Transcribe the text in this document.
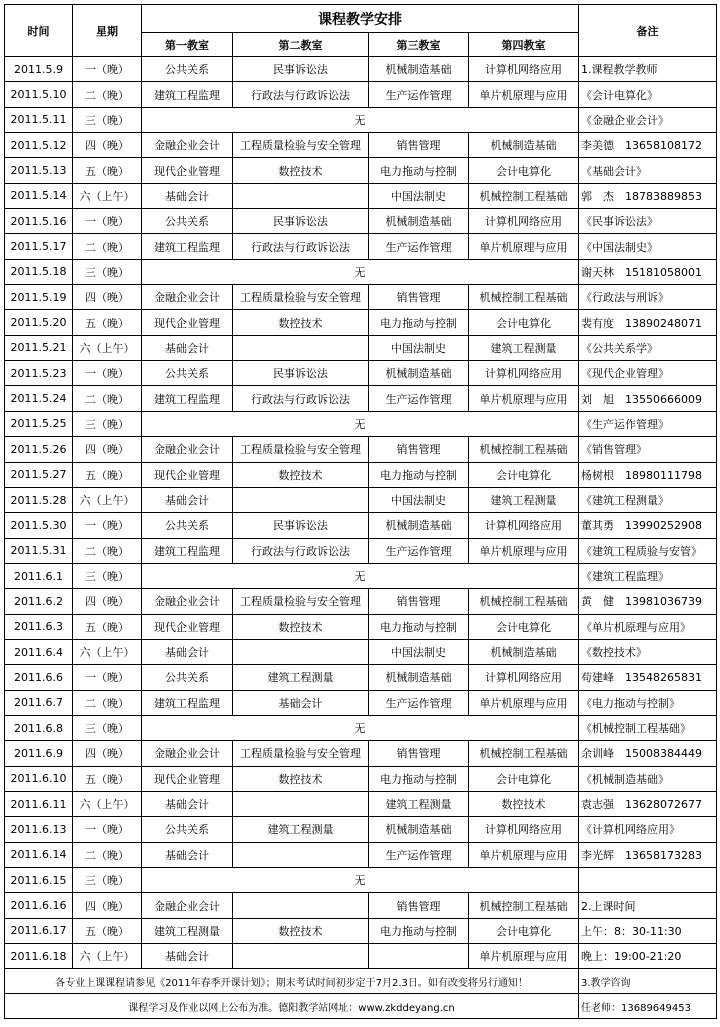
时间	星期	课程教学安排				备注
		第一教室	第二教室	第三教室	第四教室	
2011.5.9	一（晚）	公共关系	民事诉讼法	机械制造基础	计算机网络应用	1.课程教学教师
2011.5.10	二（晚）	建筑工程监理	行政法与行政诉讼法	生产运作管理	单片机原理与应用	《会计电算化》
2011.5.11	三（晚）	无				《金融企业会计》
2011.5.12	四（晚）	金融企业会计	工程质量检验与安全管理	销售管理	机械制造基础	李美德　13658108172
2011.5.13	五（晚）	现代企业管理	数控技术	电力拖动与控制	会计电算化	《基础会计》
2011.5.14	六（上午）	基础会计		中国法制史	机械控制工程基础	郭　杰　18783889853
2011.5.16	一（晚）	公共关系	民事诉讼法	机械制造基础	计算机网络应用	《民事诉讼法》
2011.5.17	二（晚）	建筑工程监理	行政法与行政诉讼法	生产运作管理	单片机原理与应用	《中国法制史》
2011.5.18	三（晚）	无				谢天林　15181058001
2011.5.19	四（晚）	金融企业会计	工程质量检验与安全管理	销售管理	机械控制工程基础	《行政法与刑诉》
2011.5.20	五（晚）	现代企业管理	数控技术	电力拖动与控制	会计电算化	裴有度　13890248071
2011.5.21	六（上午）	基础会计		中国法制史	建筑工程测量	《公共关系学》
2011.5.23	一（晚）	公共关系	民事诉讼法	机械制造基础	计算机网络应用	《现代企业管理》
2011.5.24	二（晚）	建筑工程监理	行政法与行政诉讼法	生产运作管理	单片机原理与应用	刘　旭　13550666009
2011.5.25	三（晚）	无				《生产运作管理》
2011.5.26	四（晚）	金融企业会计	工程质量检验与安全管理	销售管理	机械控制工程基础	《销售管理》
2011.5.27	五（晚）	现代企业管理	数控技术	电力拖动与控制	会计电算化	杨树根　18980111798
2011.5.28	六（上午）	基础会计		中国法制史	建筑工程测量	《建筑工程测量》
2011.5.30	一（晚）	公共关系	民事诉讼法	机械制造基础	计算机网络应用	董其勇　13990252908
2011.5.31	二（晚）	建筑工程监理	行政法与行政诉讼法	生产运作管理	单片机原理与应用	《建筑工程质验与安管》
2011.6.1	三（晚）	无				《建筑工程监理》
2011.6.2	四（晚）	金融企业会计	工程质量检验与安全管理	销售管理	机械控制工程基础	黄　健　13981036739
2011.6.3	五（晚）	现代企业管理	数控技术	电力拖动与控制	会计电算化	《单片机原理与应用》
2011.6.4	六（上午）	基础会计		中国法制史	机械制造基础	《数控技术》
2011.6.6	一（晚）	公共关系	建筑工程测量	机械制造基础	计算机网络应用	苟建峰　13548265831
2011.6.7	二（晚）	建筑工程监理	基础会计	生产运作管理	单片机原理与应用	《电力拖动与控制》
2011.6.8	三（晚）	无				《机械控制工程基础》
2011.6.9	四（晚）	金融企业会计	工程质量检验与安全管理	销售管理	机械控制工程基础	余训峰　15008384449
2011.6.10	五（晚）	现代企业管理	数控技术	电力拖动与控制	会计电算化	《机械制造基础》
2011.6.11	六（上午）	基础会计		建筑工程测量	数控技术	袁志强　13628072677
2011.6.13	一（晚）	公共关系	建筑工程测量	机械制造基础	计算机网络应用	《计算机网络应用》
2011.6.14	二（晚）	基础会计		生产运作管理	单片机原理与应用	李光辉　13658173283
2011.6.15	三（晚）	无				
2011.6.16	四（晚）	金融企业会计		销售管理	机械控制工程基础	2.上课时间
2011.6.17	五（晚）	建筑工程测量	数控技术	电力拖动与控制	会计电算化	上午：8：30-11:30
2011.6.18	六（上午）	基础会计			单片机原理与应用	晚上：19:00-21:20
各专业上课课程请参见《2011年春季开课计划》；期末考试时间初步定于7月2.3日。如有改变将另行通知！						3.教学咨询
课程学习及作业以网上公布为准。德阳教学站网址：www.zkddeyang.cn						任老师：13689649453
